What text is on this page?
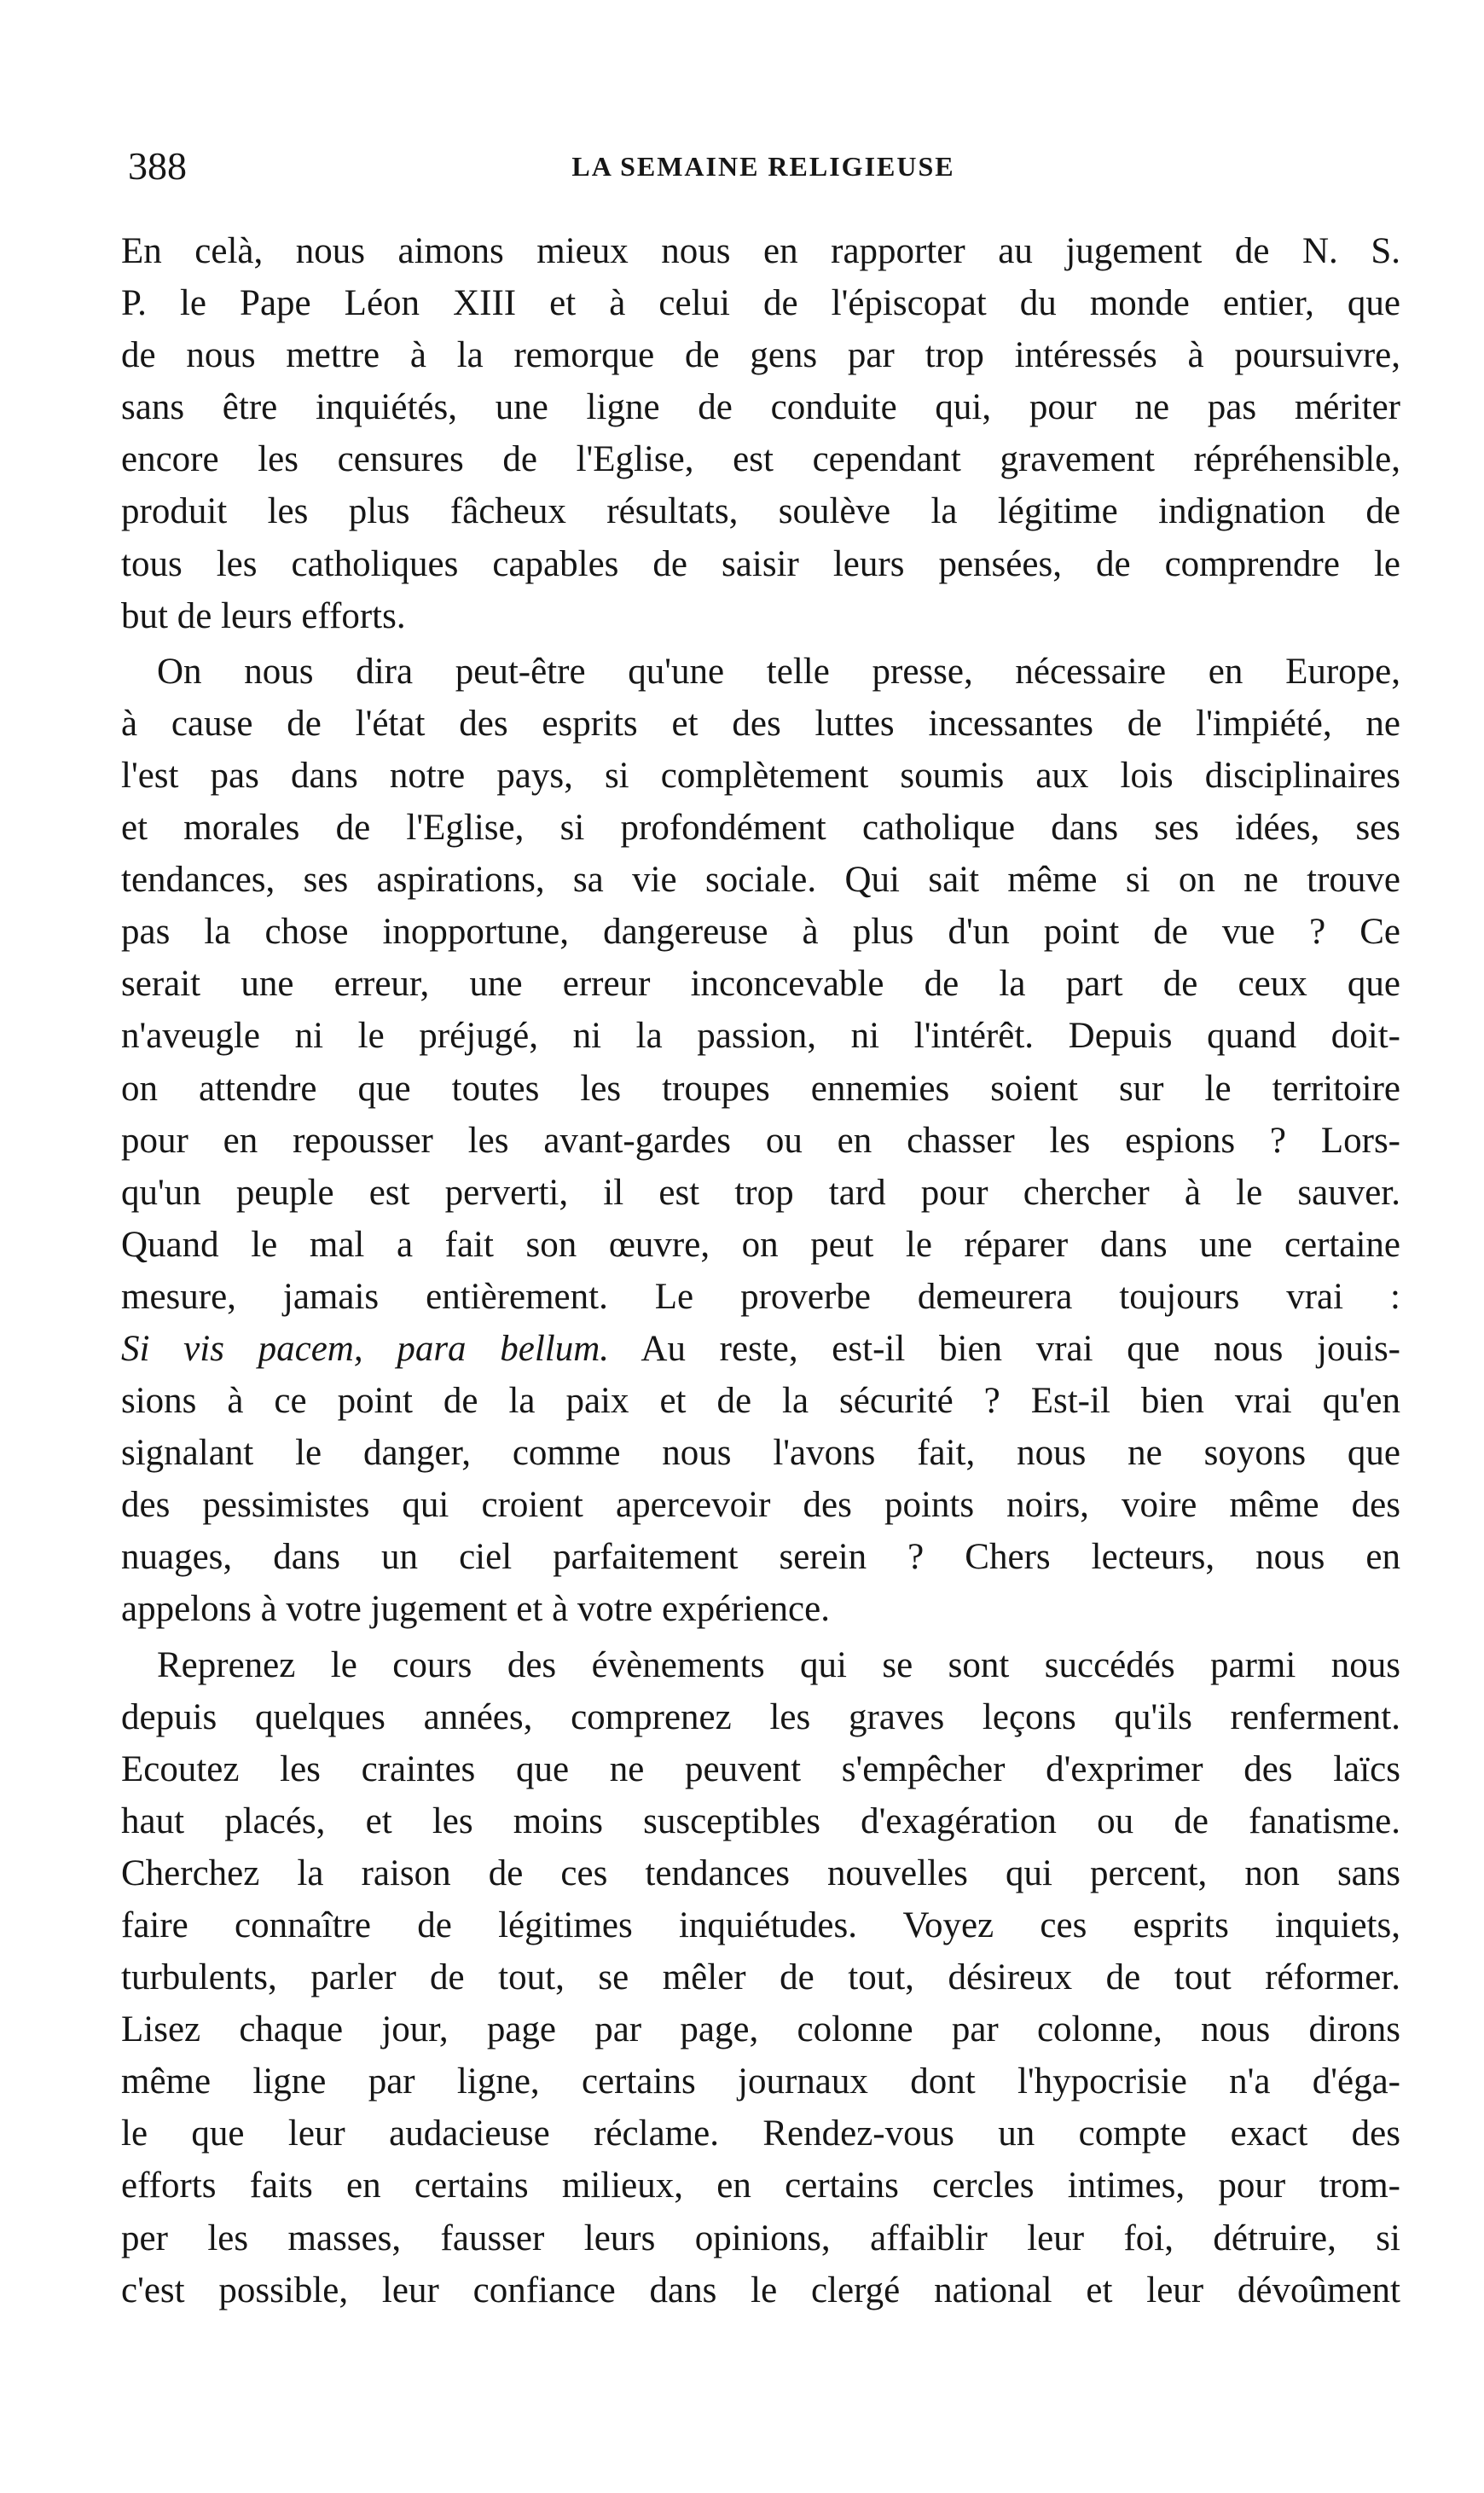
388	LA SEMAINE RELIGIEUSE
En celà, nous aimons mieux nous en rapporter au jugement de N. S.
P. le Pape Léon XIII et à celui de l'épiscopat du monde entier, que
de nous mettre à la remorque de gens par trop intéressés à poursuivre,
sans être inquiétés, une ligne de conduite qui, pour ne pas mériter
encore les censures de l'Eglise, est cependant gravement répréhensible,
produit les plus fâcheux résultats, soulève la légitime indignation de
tous les catholiques capables de saisir leurs pensées, de comprendre le
but de leurs efforts.
On nous dira peut-être qu'une telle presse, nécessaire en Europe,
à cause de l'état des esprits et des luttes incessantes de l'impiété, ne
l'est pas dans notre pays, si complètement soumis aux lois disciplinaires
et morales de l'Eglise, si profondément catholique dans ses idées, ses
tendances, ses aspirations, sa vie sociale. Qui sait même si on ne trouve
pas la chose inopportune, dangereuse à plus d'un point de vue ? Ce
serait une erreur, une erreur inconcevable de la part de ceux que
n'aveugle ni le préjugé, ni la passion, ni l'intérêt. Depuis quand doit-
on attendre que toutes les troupes ennemies soient sur le territoire
pour en repousser les avant-gardes ou en chasser les espions ? Lors-
qu'un peuple est perverti, il est trop tard pour chercher à le sauver.
Quand le mal a fait son œuvre, on peut le réparer dans une certaine
mesure, jamais entièrement. Le proverbe demeurera toujours vrai :
Si vis pacem, para bellum. Au reste, est-il bien vrai que nous jouis-
sions à ce point de la paix et de la sécurité ? Est-il bien vrai qu'en
signalant le danger, comme nous l'avons fait, nous ne soyons que
des pessimistes qui croient apercevoir des points noirs, voire même des
nuages, dans un ciel parfaitement serein ? Chers lecteurs, nous en
appelons à votre jugement et à votre expérience.
Reprenez le cours des évènements qui se sont succédés parmi nous
depuis quelques années, comprenez les graves leçons qu'ils renferment.
Ecoutez les craintes que ne peuvent s'empêcher d'exprimer des laïcs
haut placés, et les moins susceptibles d'exagération ou de fanatisme.
Cherchez la raison de ces tendances nouvelles qui percent, non sans
faire connaître de légitimes inquiétudes. Voyez ces esprits inquiets,
turbulents, parler de tout, se mêler de tout, désireux de tout réformer.
Lisez chaque jour, page par page, colonne par colonne, nous dirons
même ligne par ligne, certains journaux dont l'hypocrisie n'a d'éga-
le que leur audacieuse réclame. Rendez-vous un compte exact des
efforts faits en certains milieux, en certains cercles intimes, pour trom-
per les masses, fausser leurs opinions, affaiblir leur foi, détruire, si
c'est possible, leur confiance dans le clergé national et leur dévoûment
